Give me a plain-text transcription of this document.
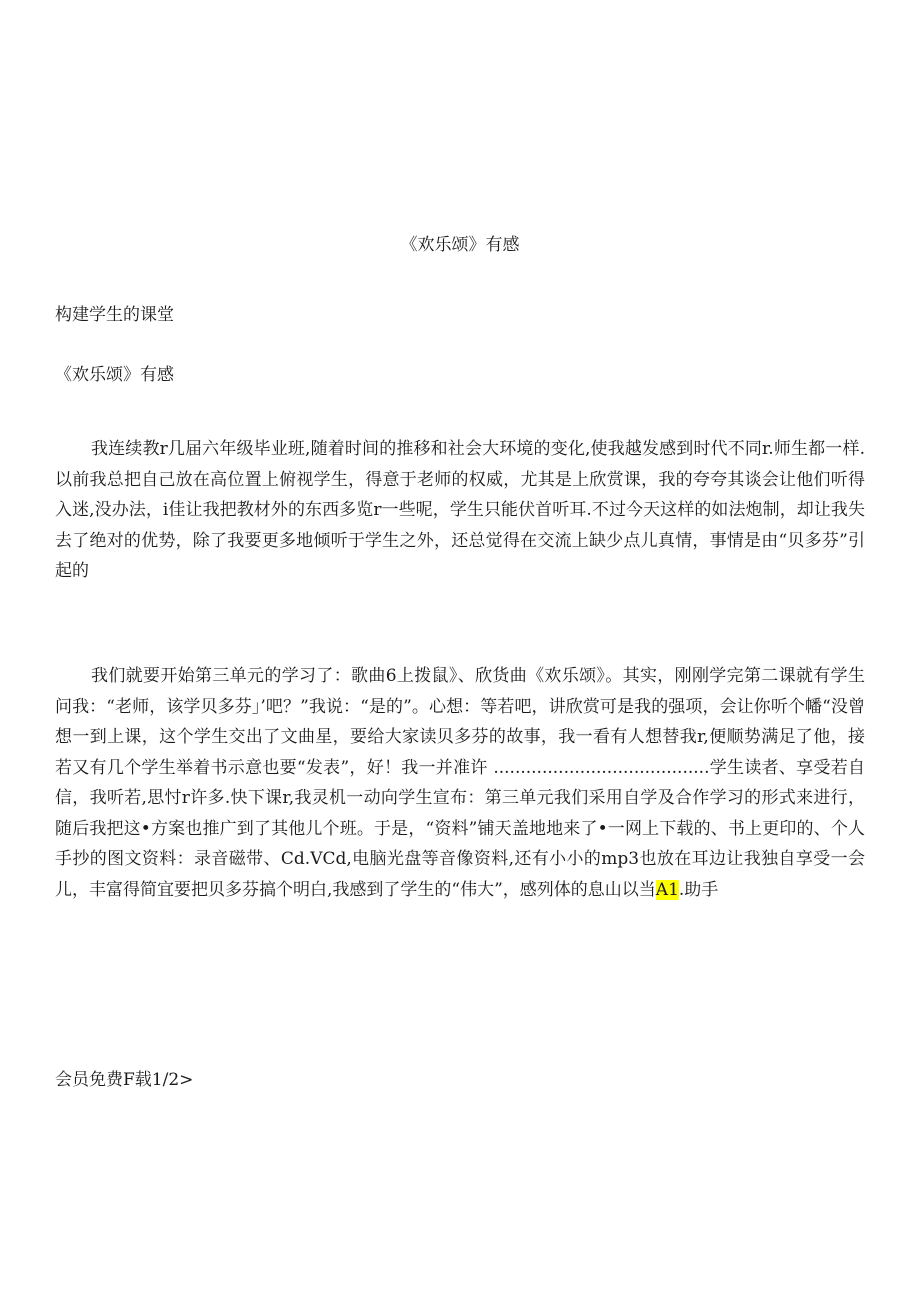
《欢乐颂》有感
构建学生的课堂
《欢乐颂》有感

我连续教r几届六年级毕业班,随着时间的推移和社会大环境的变化,使我越发感到时代不同r.师生都一样.以前我总把自己放在高位置上俯视学生，得意于老师的权威，尤其是上欣赏课，我的夸夸其谈会让他们听得入迷,没办法，i佳让我把教材外的东西多览r一些呢，学生只能伏首听耳.不过今天这样的如法炮制，却让我失去了绝对的优势，除了我要更多地倾听于学生之外，还总觉得在交流上缺少点儿真情，事情是由“贝多芬”引起的

我们就要开始第三单元的学习了：歌曲6上拨鼠》、欣货曲《欢乐颂》。其实，刚刚学完第二课就有学生问我：“老师，该学贝多芬」’吧？”我说：“是的”。心想：等若吧，讲欣赏可是我的强项，会让你听个幡“没曾想一到上课，这个学生交出了文曲星，要给大家读贝多芬的故事，我一看有人想替我r,便顺势满足了他，接若又有几个学生举着书示意也要“发表”，好！我一并准许 ........................................学生读者、享受若自信，我听若,思忖r许多.快下课r,我灵机一动向学生宣布：第三单元我们采用自学及合作学习的形式来进行，随后我把这•方案也推广到了其他儿个班。于是，“资料”铺天盖地地来了•一网上下载的、书上更印的、个人手抄的图文资料：录音磁带、Cd.VCd,电脑光盘等音像资料,还有小小的mp3也放在耳边让我独自享受一会儿，丰富得简宜要把贝多芬搞个明白,我感到了学生的“伟大”，感列体的息山以当A1.助手

会员免费F载1/2>
